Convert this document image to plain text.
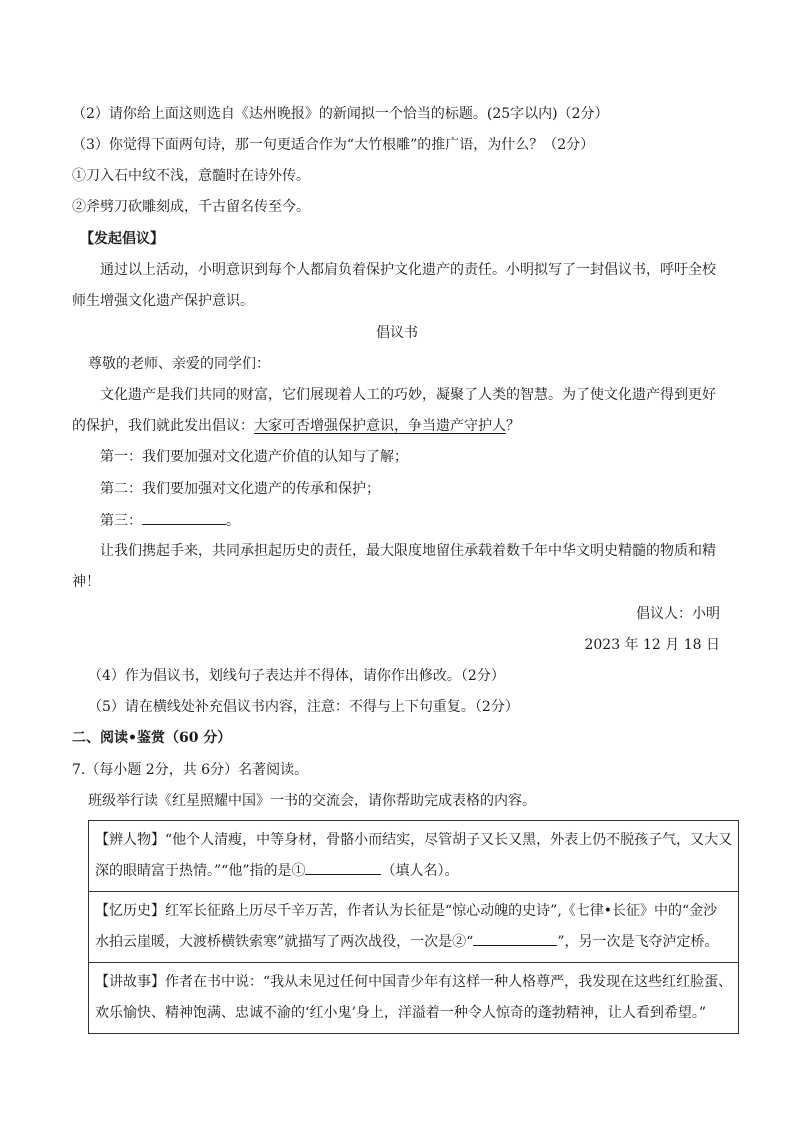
（2）请你给上面这则选自《达州晚报》的新闻拟一个恰当的标题。(25字以内)（2分）
（3）你觉得下面两句诗，那一句更适合作为“大竹根雕”的推广语，为什么？（2分）
①刀入石中纹不浅，意髓时在诗外传。
②斧劈刀砍雕刻成，千古留名传至今。
【发起倡议】
通过以上活动，小明意识到每个人都肩负着保护文化遗产的责任。小明拟写了一封倡议书，呼吁全校
师生增强文化遗产保护意识。
倡议书
尊敬的老师、亲爱的同学们：
文化遗产是我们共同的财富，它们展现着人工的巧妙，凝聚了人类的智慧。为了使文化遗产得到更好
的保护，我们就此发出倡议：大家可否增强保护意识，争当遗产守护人？
第一：我们要加强对文化遗产价值的认知与了解；
第二：我们要加强对文化遗产的传承和保护；
第三：	。
让我们携起手来，共同承担起历史的责任，最大限度地留住承载着数千年中华文明史精髓的物质和精
神！
倡议人：小明
2023 年 12 月 18 日
（4）作为倡议书，划线句子表达并不得体，请你作出修改。（2分）
（5）请在横线处补充倡议书内容，注意：不得与上下句重复。（2分）
二、阅读•鉴赏（60 分）
7.（每小题 2分，共 6分）名著阅读。
班级举行读《红星照耀中国》一书的交流会，请你帮助完成表格的内容。
【辨人物】“他个人清瘦，中等身材，骨骼小而结实，尽管胡子又长又黑，外表上仍不脱孩子气，又大又
深的眼睛富于热情。”“他”指的是①	（填人名）。

【忆历史】红军长征路上历尽千辛万苦，作者认为长征是“惊心动魄的史诗”,《七律•长征》中的“金沙
水拍云崖暖，大渡桥横铁索寒”就描写了两次战役，一次是②“	”，另一次是飞夺泸定桥。

【讲故事】作者在书中说：“我从未见过任何中国青少年有这样一种人格尊严，我发现在这些红红脸蛋、
欢乐愉快、精神饱满、忠诚不渝的‘红小鬼’身上，洋溢着一种令人惊奇的蓬勃精神，让人看到希望。”
